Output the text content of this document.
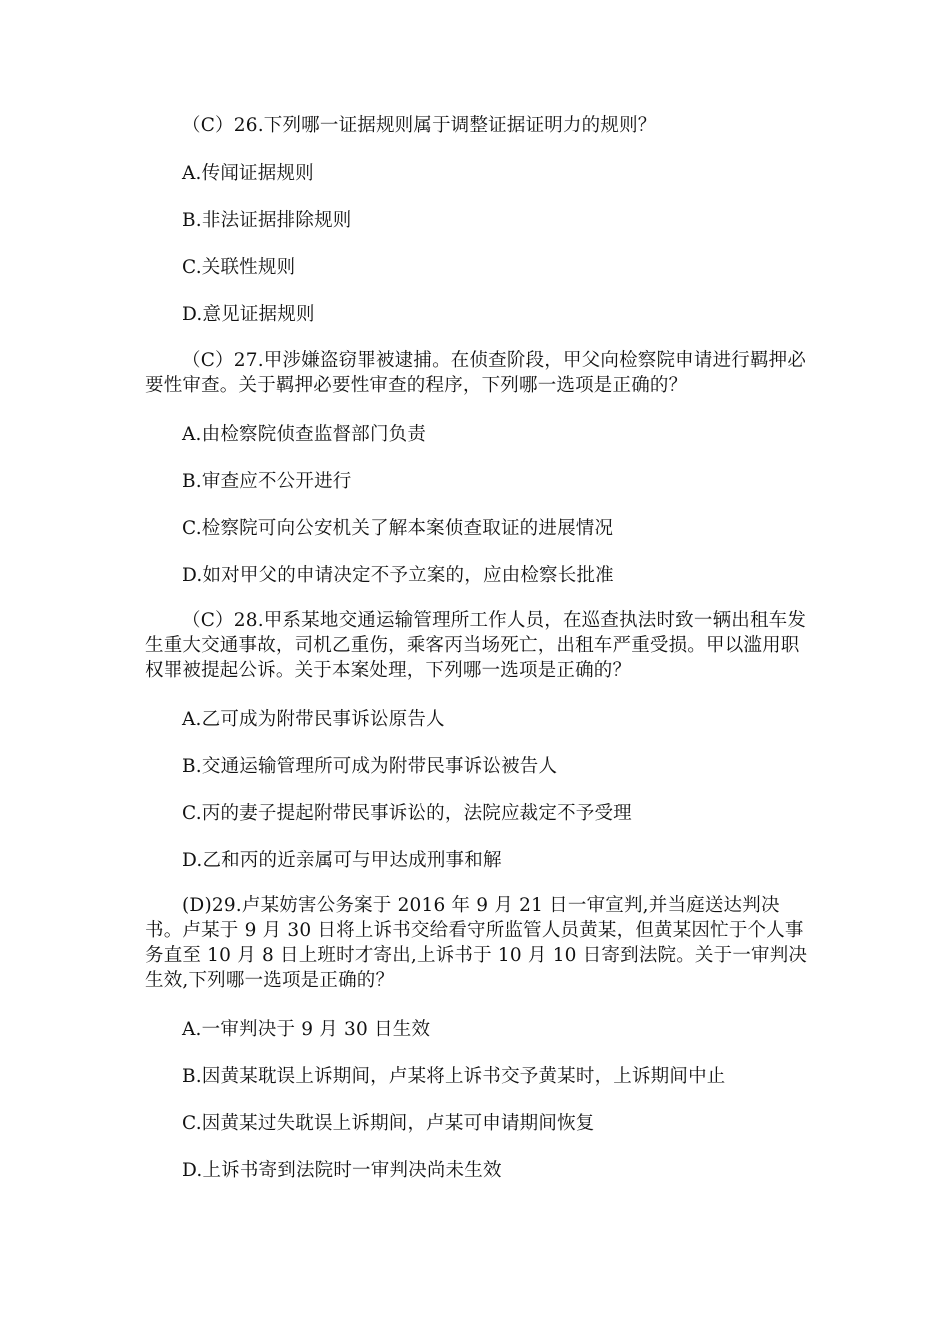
（C）26.下列哪一证据规则属于调整证据证明力的规则？
A.传闻证据规则
B.非法证据排除规则
C.关联性规则
D.意见证据规则
（C）27.甲涉嫌盗窃罪被逮捕。在侦查阶段，甲父向检察院申请进行羁押必要性审查。关于羁押必要性审查的程序，下列哪一选项是正确的？
A.由检察院侦查监督部门负责
B.审查应不公开进行
C.检察院可向公安机关了解本案侦查取证的进展情况
D.如对甲父的申请决定不予立案的，应由检察长批准
（C）28.甲系某地交通运输管理所工作人员，在巡查执法时致一辆出租车发生重大交通事故，司机乙重伤，乘客丙当场死亡，出租车严重受损。甲以滥用职权罪被提起公诉。关于本案处理，下列哪一选项是正确的？
A.乙可成为附带民事诉讼原告人
B.交通运输管理所可成为附带民事诉讼被告人
C.丙的妻子提起附带民事诉讼的，法院应裁定不予受理
D.乙和丙的近亲属可与甲达成刑事和解
(D)29.卢某妨害公务案于 2016 年 9 月 21 日一审宣判,并当庭送达判决书。卢某于 9 月 30 日将上诉书交给看守所监管人员黄某，但黄某因忙于个人事务直至 10 月 8 日上班时才寄出,上诉书于 10 月 10 日寄到法院。关于一审判决生效,下列哪一选项是正确的？
A.一审判决于 9 月 30 日生效
B.因黄某耽误上诉期间，卢某将上诉书交予黄某时，上诉期间中止
C.因黄某过失耽误上诉期间，卢某可申请期间恢复
D.上诉书寄到法院时一审判决尚未生效
